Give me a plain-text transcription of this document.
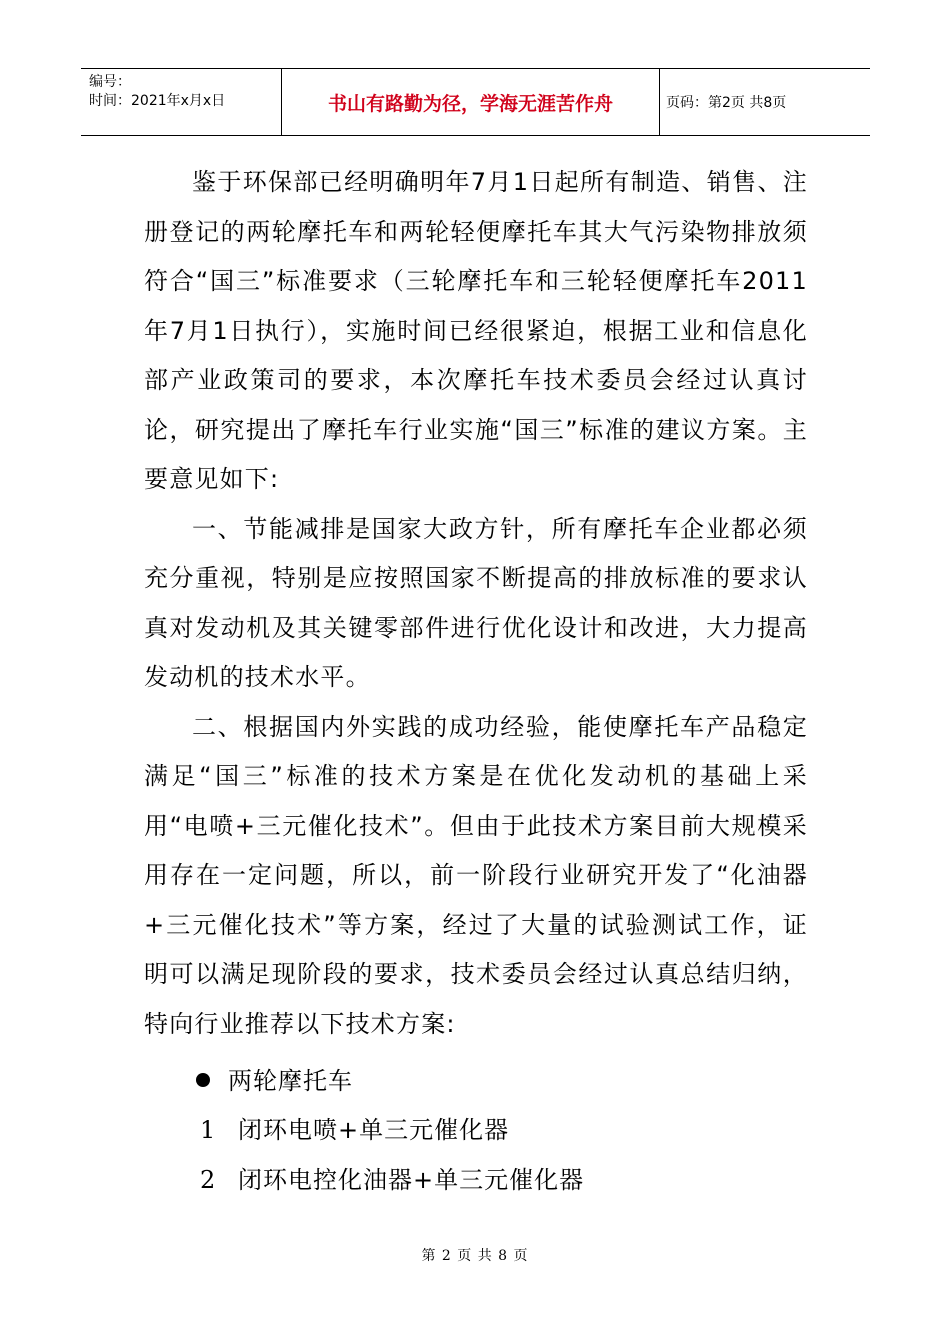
编号：
时间：2021年x月x日	书山有路勤为径，学海无涯苦作舟	页码：第2页 共8页

鉴于环保部已经明确明年7月1日起所有制造、销售、注册登记的两轮摩托车和两轮轻便摩托车其大气污染物排放须符合“国三”标准要求（三轮摩托车和三轮轻便摩托车2011年7月1日执行），实施时间已经很紧迫，根据工业和信息化部产业政策司的要求，本次摩托车技术委员会经过认真讨论，研究提出了摩托车行业实施“国三”标准的建议方案。主要意见如下:

一、节能减排是国家大政方针，所有摩托车企业都必须充分重视，特别是应按照国家不断提高的排放标准的要求认真对发动机及其关键零部件进行优化设计和改进，大力提高发动机的技术水平。

二、根据国内外实践的成功经验，能使摩托车产品稳定满足“国三”标准的技术方案是在优化发动机的基础上采用“电喷+三元催化技术”。但由于此技术方案目前大规模采用存在一定问题，所以，前一阶段行业研究开发了“化油器+三元催化技术”等方案，经过了大量的试验测试工作，证明可以满足现阶段的要求，技术委员会经过认真总结归纳，特向行业推荐以下技术方案:

两轮摩托车
1 闭环电喷+单三元催化器
2 闭环电控化油器+单三元催化器
第 2 页 共 8 页
